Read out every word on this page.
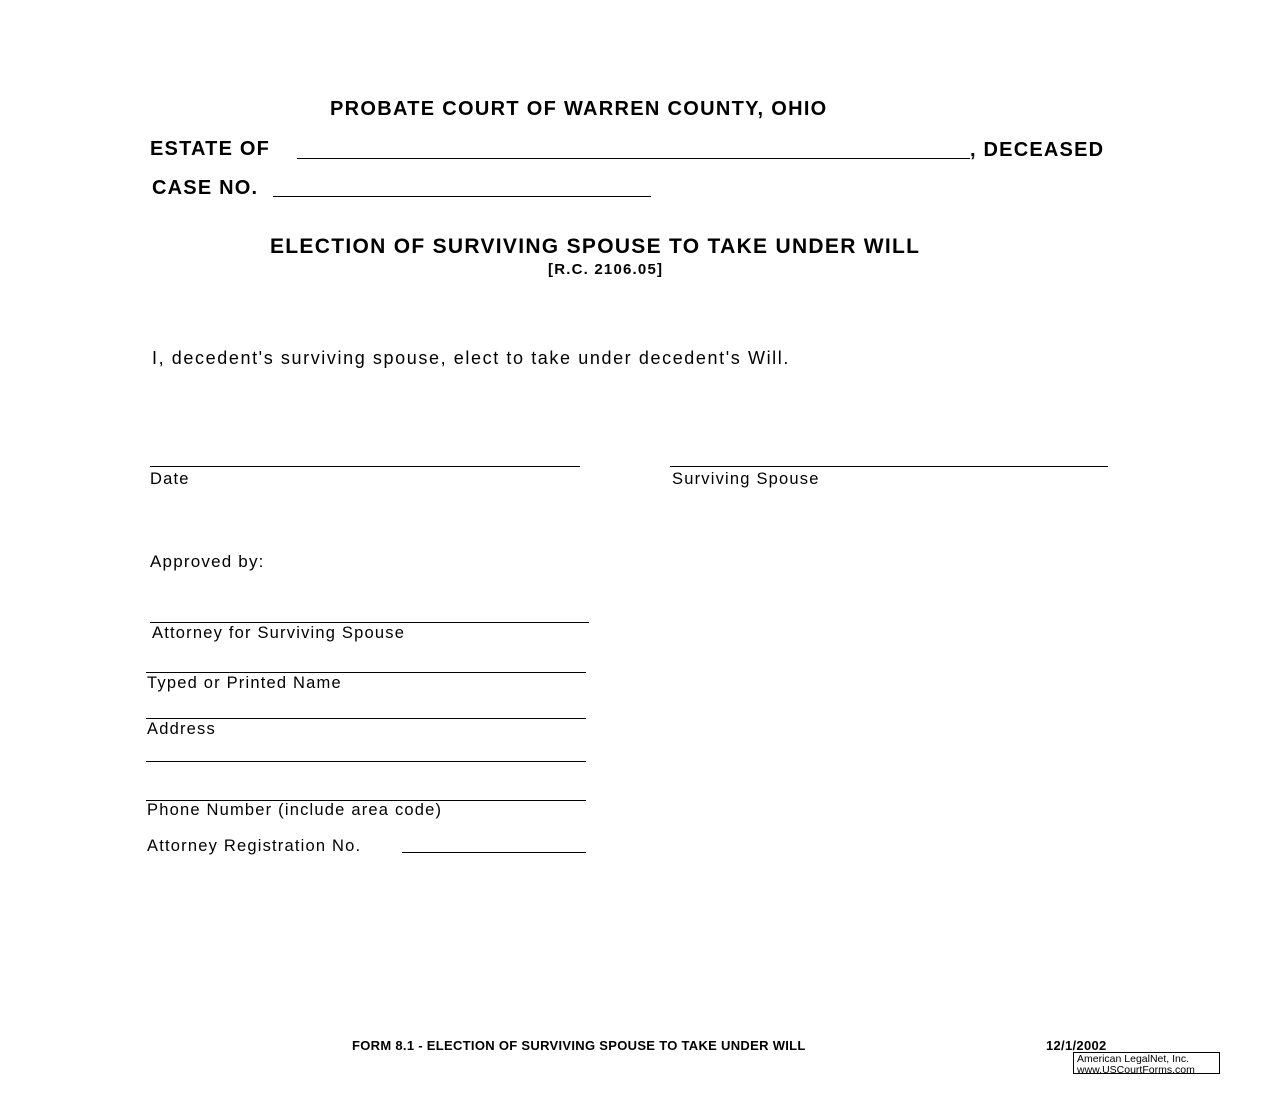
PROBATE COURT OF WARREN COUNTY, OHIO
ESTATE OF	, DECEASED
CASE NO.
ELECTION OF SURVIVING SPOUSE TO TAKE UNDER WILL
[R.C. 2106.05]
I, decedent's surviving spouse, elect to take under decedent's Will.
Date	Surviving Spouse
Approved by:
Attorney for Surviving Spouse
Typed or Printed Name
Address
Phone Number (include area code)
Attorney Registration No.
FORM 8.1 - ELECTION OF SURVIVING SPOUSE TO TAKE UNDER WILL	12/1/2002
American LegalNet, Inc.
www.USCourtForms.com
